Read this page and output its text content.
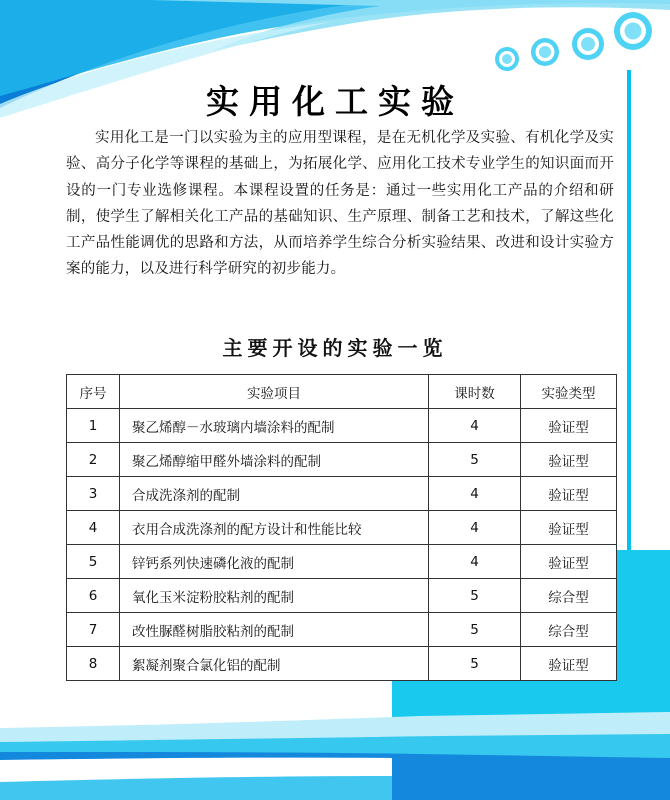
实用化工实验

实用化工是一门以实验为主的应用型课程，是在无机化学及实验、有机化学及实验、高分子化学等课程的基础上，为拓展化学、应用化工技术专业学生的知识面而开设的一门专业选修课程。本课程设置的任务是：通过一些实用化工产品的介绍和研制，使学生了解相关化工产品的基础知识、生产原理、制备工艺和技术，了解这些化工产品性能调优的思路和方法，从而培养学生综合分析实验结果、改进和设计实验方案的能力，以及进行科学研究的初步能力。

主要开设的实验一览
序号	实验项目	课时数	实验类型
1	聚乙烯醇－水玻璃内墙涂料的配制	4	验证型
2	聚乙烯醇缩甲醛外墙涂料的配制	5	验证型
3	合成洗涤剂的配制	4	验证型
4	衣用合成洗涤剂的配方设计和性能比较	4	验证型
5	锌钙系列快速磷化液的配制	4	验证型
6	氧化玉米淀粉胶粘剂的配制	5	综合型
7	改性脲醛树脂胶粘剂的配制	5	综合型
8	絮凝剂聚合氯化铝的配制	5	验证型
